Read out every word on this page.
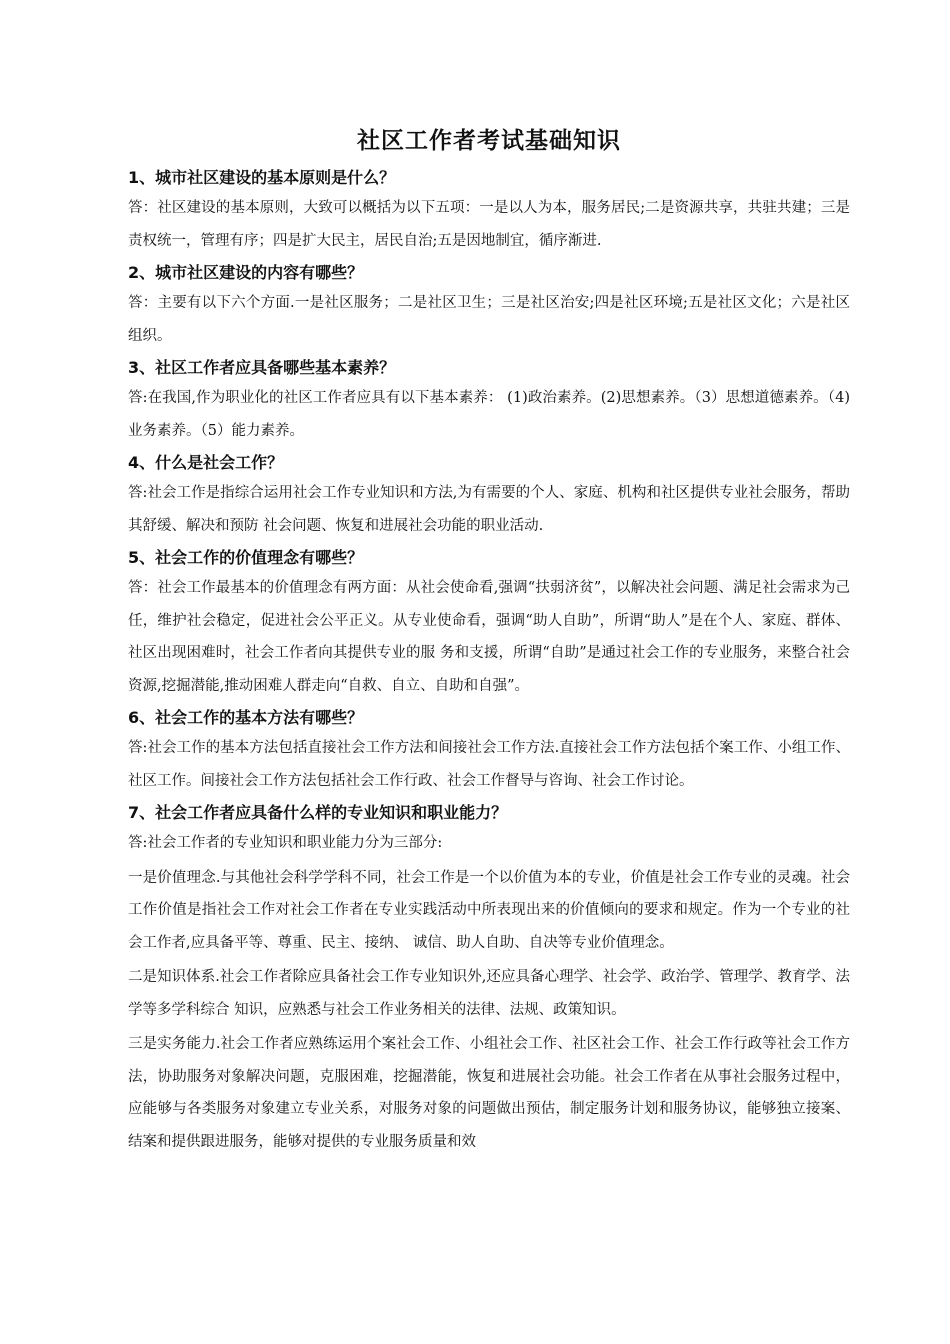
社区工作者考试基础知识
1、城市社区建设的基本原则是什么？

答：社区建设的基本原则，大致可以概括为以下五项：一是以人为本，服务居民;二是资源共享，共驻共建；三是责权统一，管理有序；四是扩大民主，居民自治;五是因地制宜，循序渐进.

2、城市社区建设的内容有哪些？

答：主要有以下六个方面.一是社区服务；二是社区卫生；三是社区治安;四是社区环境;五是社区文化；六是社区组织。

3、社区工作者应具备哪些基本素养？

答:在我国,作为职业化的社区工作者应具有以下基本素养： (1)政治素养。(2)思想素养。（3）思想道德素养。（4)业务素养。（5）能力素养。

4、什么是社会工作？

答:社会工作是指综合运用社会工作专业知识和方法,为有需要的个人、家庭、机构和社区提供专业社会服务，帮助其舒缓、解决和预防 社会问题、恢复和进展社会功能的职业活动.

5、社会工作的价值理念有哪些？

答：社会工作最基本的价值理念有两方面：从社会使命看,强调“扶弱济贫”，以解决社会问题、满足社会需求为己任，维护社会稳定，促进社会公平正义。从专业使命看，强调“助人自助”，所谓“助人”是在个人、家庭、群体、社区出现困难时，社会工作者向其提供专业的服 务和支援，所谓“自助”是通过社会工作的专业服务，来整合社会资源,挖掘潜能,推动困难人群走向“自救、自立、自助和自强”。

6、社会工作的基本方法有哪些？

答:社会工作的基本方法包括直接社会工作方法和间接社会工作方法.直接社会工作方法包括个案工作、小组工作、社区工作。间接社会工作方法包括社会工作行政、社会工作督导与咨询、社会工作讨论。

7、社会工作者应具备什么样的专业知识和职业能力？

答:社会工作者的专业知识和职业能力分为三部分:

一是价值理念.与其他社会科学学科不同，社会工作是一个以价值为本的专业，价值是社会工作专业的灵魂。社会工作价值是指社会工作对社会工作者在专业实践活动中所表现出来的价值倾向的要求和规定。作为一个专业的社会工作者,应具备平等、尊重、民主、接纳、 诚信、助人自助、自决等专业价值理念。

二是知识体系.社会工作者除应具备社会工作专业知识外,还应具备心理学、社会学、政治学、管理学、教育学、法学等多学科综合 知识，应熟悉与社会工作业务相关的法律、法规、政策知识。

三是实务能力.社会工作者应熟练运用个案社会工作、小组社会工作、社区社会工作、社会工作行政等社会工作方法，协助服务对象解决问题，克服困难，挖掘潜能，恢复和进展社会功能。社会工作者在从事社会服务过程中，应能够与各类服务对象建立专业关系，对服务对象的问题做出预估，制定服务计划和服务协议，能够独立接案、结案和提供跟进服务，能够对提供的专业服务质量和效
